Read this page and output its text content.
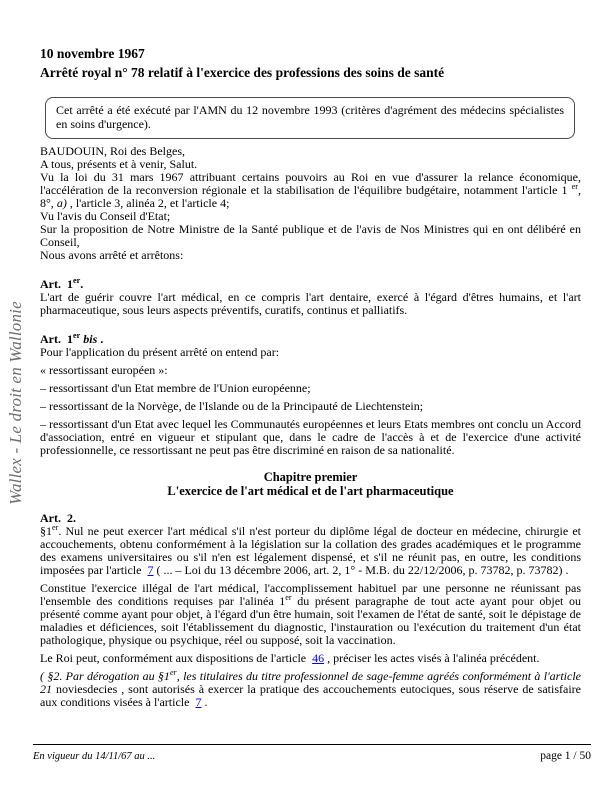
Wallex - Le droit en Wallonie
10 novembre 1967
Arrêté royal n° 78 relatif à l'exercice des professions des soins de santé
Cet arrêté a été exécuté par l'AMN du 12 novembre 1993 (critères d'agrément des médecins spécialistes en soins d'urgence).
BAUDOUIN, Roi des Belges,
A tous, présents et à venir, Salut.
Vu la loi du 31 mars 1967 attribuant certains pouvoirs au Roi en vue d'assurer la relance économique, l'accélération de la reconversion régionale et la stabilisation de l'équilibre budgétaire, notamment l'article 1 $^{er}$, 8°, a) , l'article 3, alinéa 2, et l'article 4;
Vu l'avis du Conseil d'Etat;
Sur la proposition de Notre Ministre de la Santé publique et de l'avis de Nos Ministres qui en ont délibéré en Conseil,
Nous avons arrêté et arrêtons:
Art.  1er.
L'art de guérir couvre l'art médical, en ce compris l'art dentaire, exercé à l'égard d'êtres humains, et l'art pharmaceutique, sous leurs aspects préventifs, curatifs, continus et palliatifs.
Art.  1er bis .
Pour l'application du présent arrêté on entend par:
« ressortissant européen »:
– ressortissant d'un Etat membre de l'Union européenne;
– ressortissant de la Norvège, de l'Islande ou de la Principauté de Liechtenstein;
– ressortissant d'un Etat avec lequel les Communautés européennes et leurs Etats membres ont conclu un Accord d'association, entré en vigueur et stipulant que, dans le cadre de l'accès à et de l'exercice d'une activité professionnelle, ce ressortissant ne peut pas être discriminé en raison de sa nationalité.
Chapitre premier
L'exercice de l'art médical et de l'art pharmaceutique
Art.  2.
§1er. Nul ne peut exercer l'art médical s'il n'est porteur du diplôme légal de docteur en médecine, chirurgie et accouchements, obtenu conformément à la législation sur la collation des grades académiques et le programme des examens universitaires ou s'il n'en est légalement dispensé, et s'il ne réunit pas, en outre, les conditions imposées par l'article  7 ( ... – Loi du 13 décembre 2006, art. 2, 1° - M.B. du 22/12/2006, p. 73782, p. 73782) .
Constitue l'exercice illégal de l'art médical, l'accomplissement habituel par une personne ne réunissant pas l'ensemble des conditions requises par l'alinéa 1er du présent paragraphe de tout acte ayant pour objet ou présenté comme ayant pour objet, à l'égard d'un être humain, soit l'examen de l'état de santé, soit le dépistage de maladies et déficiences, soit l'établissement du diagnostic, l'instauration ou l'exécution du traitement d'un état pathologique, physique ou psychique, réel ou supposé, soit la vaccination.
Le Roi peut, conformément aux dispositions de l'article  46 , préciser les actes visés à l'alinéa précédent.
( §2. Par dérogation au §1er, les titulaires du titre professionnel de sage-femme agréés conformément à l'article 21 noviesdecies , sont autorisés à exercer la pratique des accouchements eutociques, sous réserve de satisfaire aux conditions visées à l'article  7 .
En vigueur du 14/11/67 au ...	page 1 / 50
